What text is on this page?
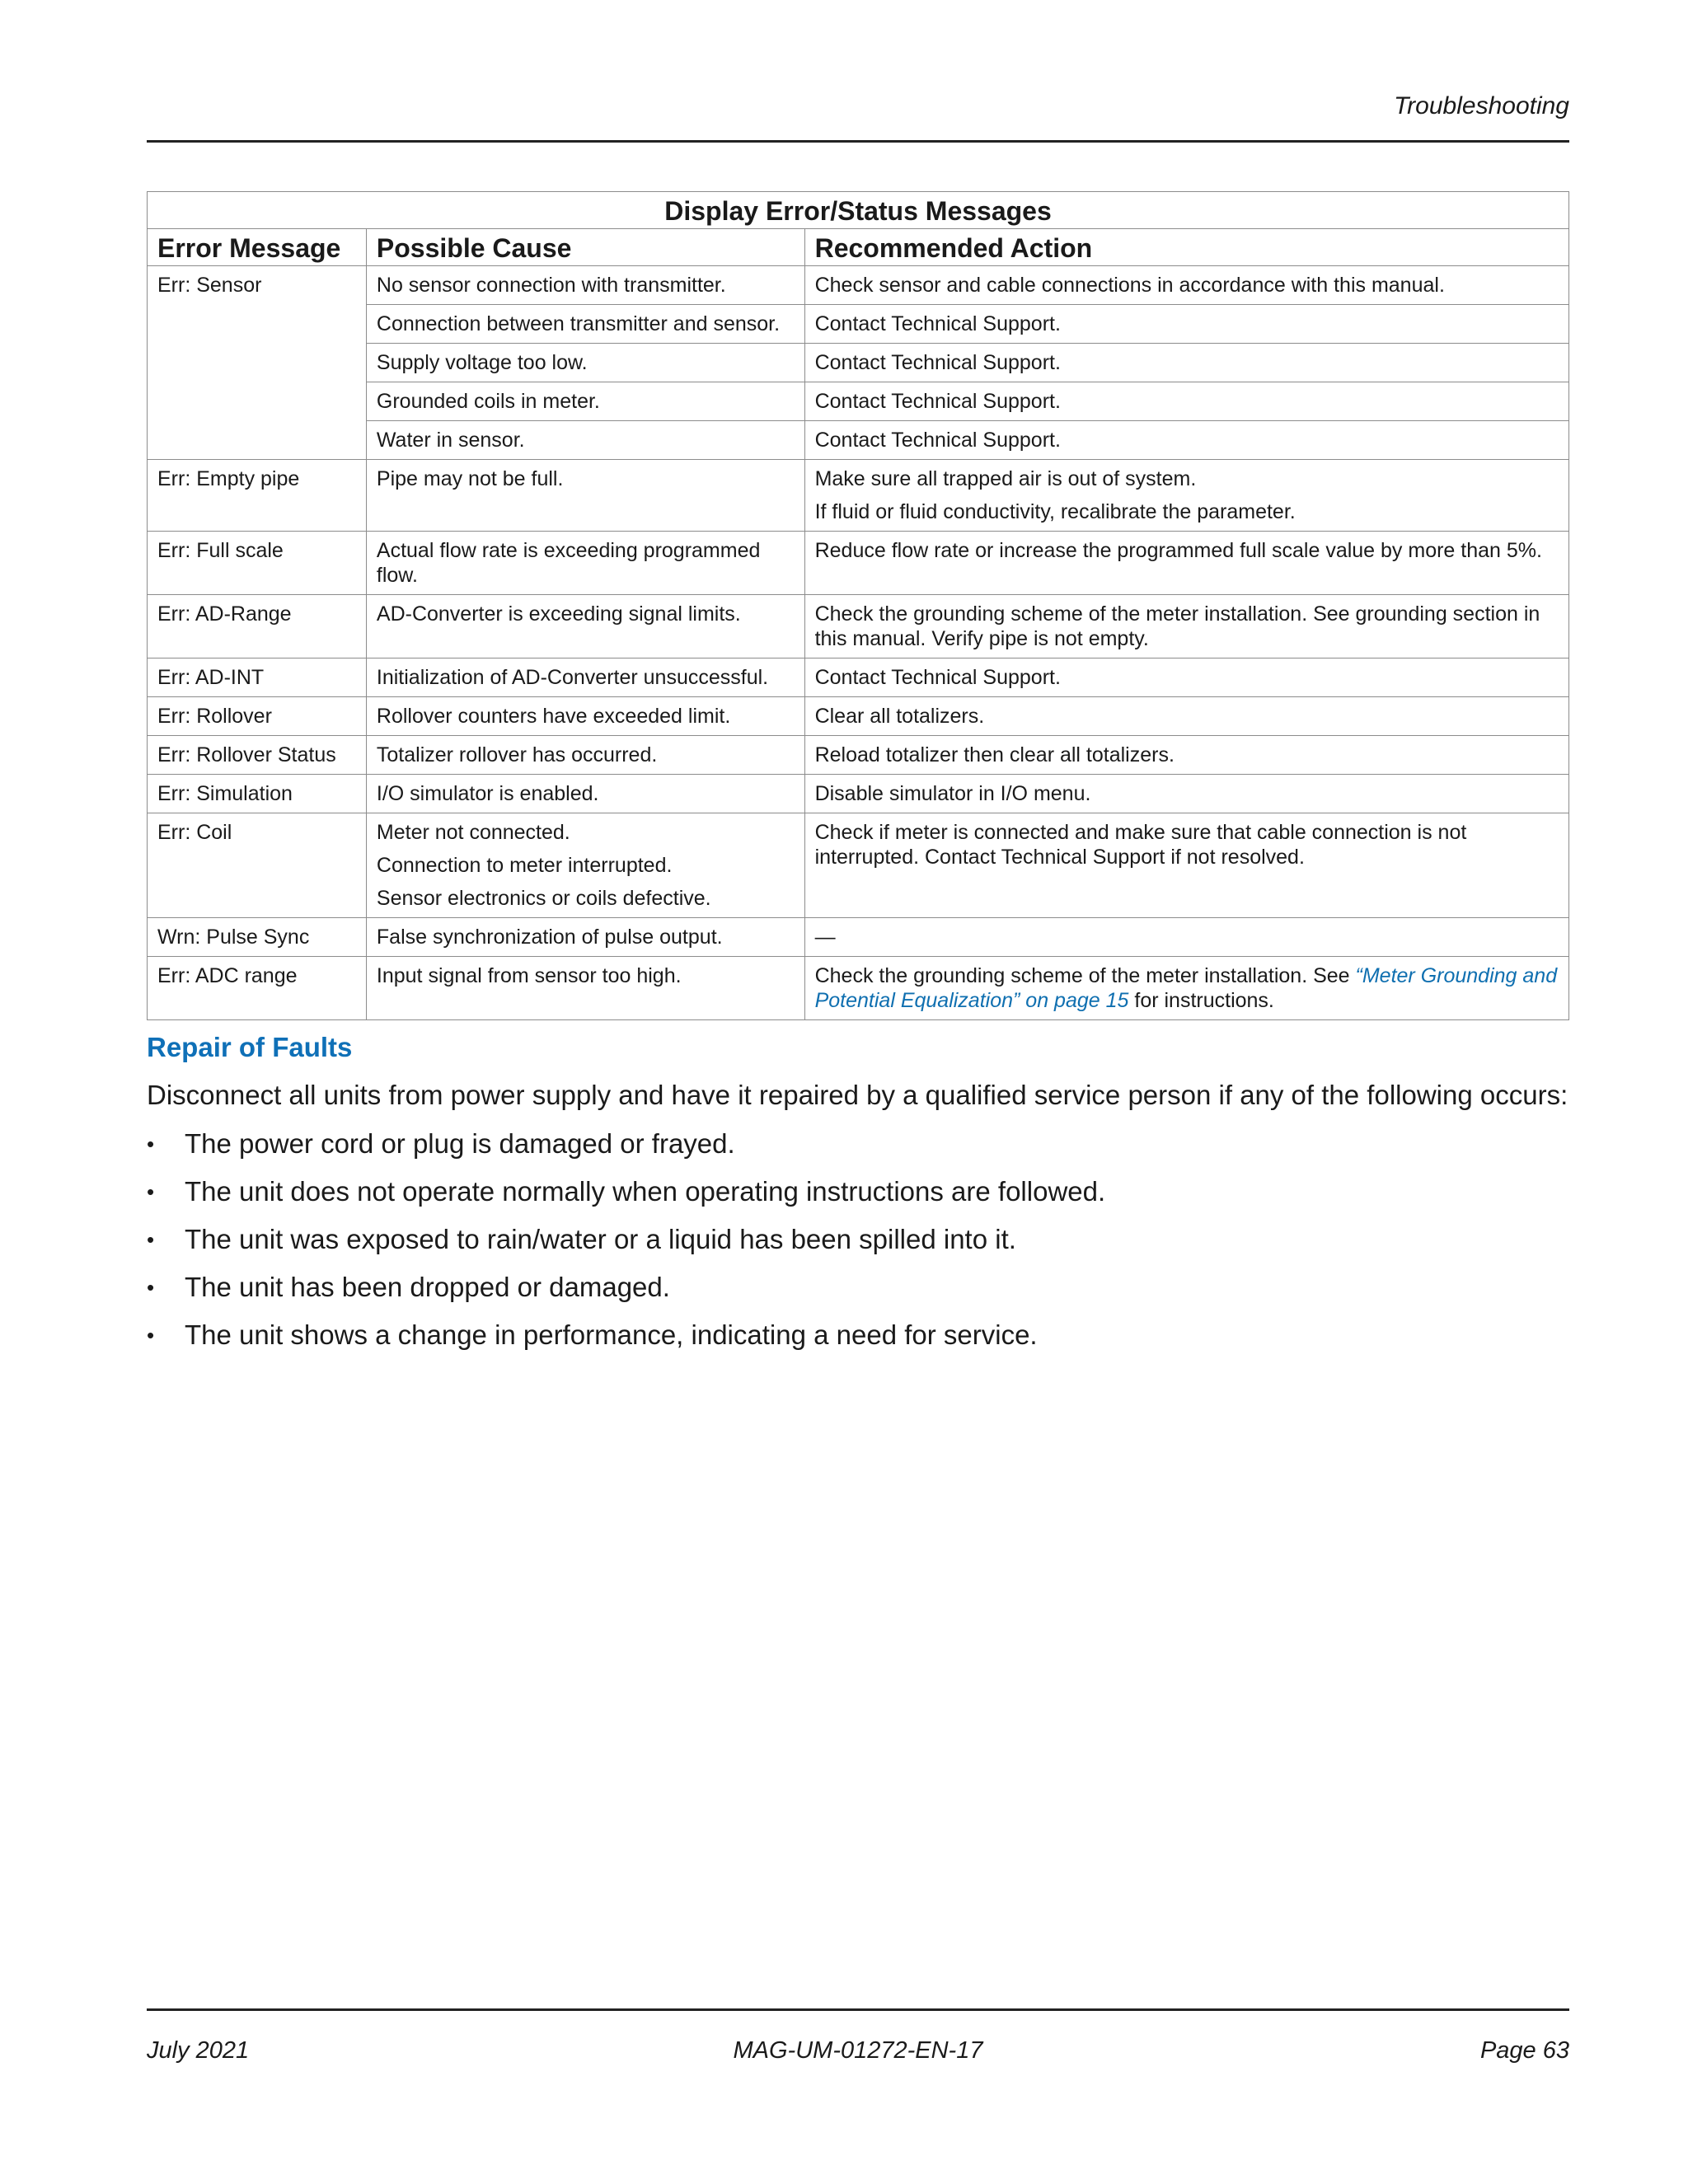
Troubleshooting
Display Error/Status Messages		
Error Message	Possible Cause	Recommended Action
Err: Sensor	No sensor connection with transmitter.	Check sensor and cable connections in accordance with this manual.

	Connection between transmitter and sensor.	Contact Technical Support.

	Supply voltage too low.	Contact Technical Support.

	Grounded coils in meter.	Contact Technical Support.

	Water in sensor.	Contact Technical Support.

Err: Empty pipe	Pipe may not be full.	Make sure all trapped air is out of system.
If fluid or fluid conductivity, recalibrate the parameter.

Err: Full scale	Actual flow rate is exceeding programmed flow.	Reduce flow rate or increase the programmed full scale value by more than 5%.

Err: AD-Range	AD-Converter is exceeding signal limits.	Check the grounding scheme of the meter installation. See grounding section in this manual. Verify pipe is not empty.

Err: AD-INT	Initialization of AD-Converter unsuccessful.	Contact Technical Support.

Err: Rollover	Rollover counters have exceeded limit.	Clear all totalizers.

Err: Rollover Status	Totalizer rollover has occurred.	Reload totalizer then clear all totalizers.

Err: Simulation	I/O simulator is enabled.	Disable simulator in I/O menu.

Err: Coil	Meter not connected.
Connection to meter interrupted.
Sensor electronics or coils defective.	Check if meter is connected and make sure that cable connection is not interrupted. Contact Technical Support if not resolved.

Wrn: Pulse Sync	False synchronization of pulse output.	—

Err: ADC range	Input signal from sensor too high.	Check the grounding scheme of the meter installation. See “Meter Grounding and Potential Equalization” on page 15 for instructions.
Repair of Faults
Disconnect all units from power supply and have it repaired by a qualified service person if any of the following occurs:
• The power cord or plug is damaged or frayed.
• The unit does not operate normally when operating instructions are followed.
• The unit was exposed to rain/water or a liquid has been spilled into it.
• The unit has been dropped or damaged.
• The unit shows a change in performance, indicating a need for service.
July 2021	MAG-UM-01272-EN-17	Page 63
